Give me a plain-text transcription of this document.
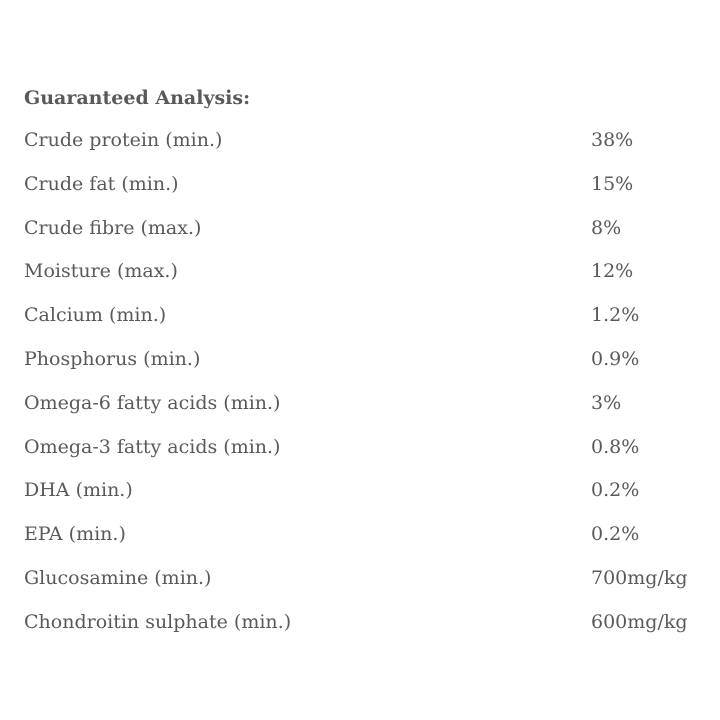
Guaranteed Analysis:
Crude protein (min.)	38%
Crude fat (min.)	15%
Crude fibre (max.)	8%
Moisture (max.)	12%
Calcium (min.)	1.2%
Phosphorus (min.)	0.9%
Omega-6 fatty acids (min.)	3%
Omega-3 fatty acids (min.)	0.8%
DHA (min.)	0.2%
EPA (min.)	0.2%
Glucosamine (min.)	700mg/kg
Chondroitin sulphate (min.)	600mg/kg
